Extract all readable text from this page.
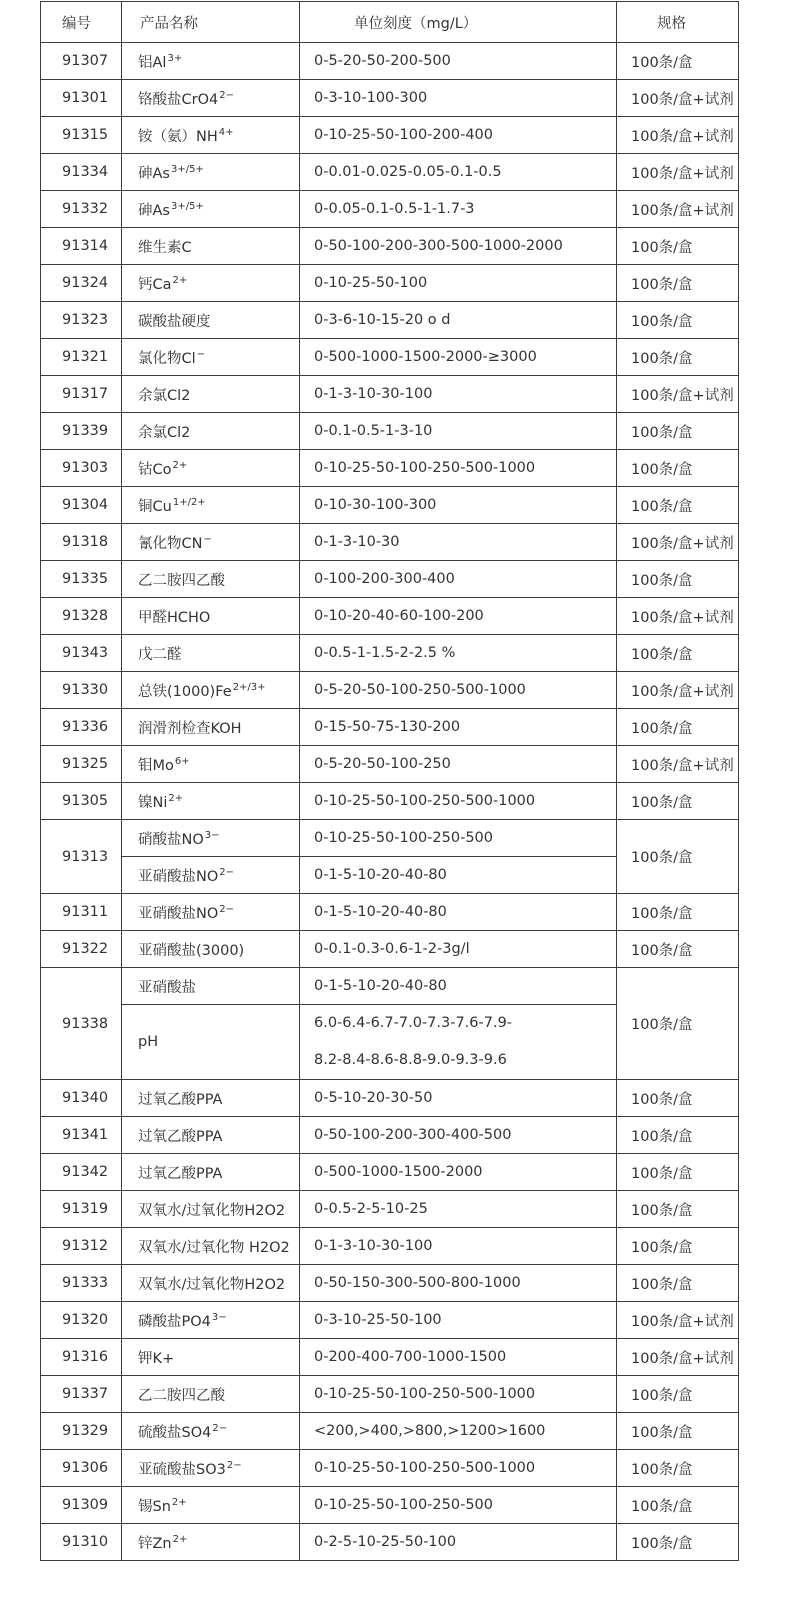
编号	产品名称	单位刻度（mg/L）	规格
91307	铝$Al^{3+}$	0-5-20-50-200-500	100条/盒
91301	铬酸盐$CrO4^{2-}$	0-3-10-100-300	100条/盒+试剂
91315	铵（氨）$NH^{4+}$	0-10-25-50-100-200-400	100条/盒+试剂
91334	砷$As^{3+/5+}$	0-0.01-0.025-0.05-0.1-0.5	100条/盒+试剂
91332	砷$As^{3+/5+}$	0-0.05-0.1-0.5-1-1.7-3	100条/盒+试剂
91314	维生素C	0-50-100-200-300-500-1000-2000	100条/盒
91324	钙$Ca^{2+}$	0-10-25-50-100	100条/盒
91323	碳酸盐硬度	0-3-6-10-15-20 o d	100条/盒
91321	氯化物Cl−	0-500-1000-1500-2000-≥3000	100条/盒
91317	余氯Cl2	0-1-3-10-30-100	100条/盒+试剂
91339	余氯Cl2	0-0.1-0.5-1-3-10	100条/盒
91303	钴$Co^{2+}$	0-10-25-50-100-250-500-1000	100条/盒
91304	铜$Cu^{1+/2+}$	0-10-30-100-300	100条/盒
91318	氰化物CN−	0-1-3-10-30	100条/盒+试剂
91335	乙二胺四乙酸	0-100-200-300-400	100条/盒
91328	甲醛HCHO	0-10-20-40-60-100-200	100条/盒+试剂
91343	戊二醛	0-0.5-1-1.5-2-2.5 %	100条/盒
91330	总铁$(1000)Fe^{2+/3+}$	0-5-20-50-100-250-500-1000	100条/盒+试剂
91336	润滑剂检查KOH	0-15-50-75-130-200	100条/盒
91325	钼$Mo^{6+}$	0-5-20-50-100-250	100条/盒+试剂
91305	镍$Ni^{2+}$	0-10-25-50-100-250-500-1000	100条/盒
91313	硝酸盐$NO^{3-}$	0-10-25-50-100-250-500	100条/盒
	亚硝酸盐$NO^{2-}$	0-1-5-10-20-40-80	
91311	亚硝酸盐$NO^{2-}$	0-1-5-10-20-40-80	100条/盒
91322	亚硝酸盐(3000)	0-0.1-0.3-0.6-1-2-3g/l	100条/盒
91338	亚硝酸盐	0-1-5-10-20-40-80	100条/盒
	pH	6.0-6.4-6.7-7.0-7.3-7.6-7.9-
8.2-8.4-8.6-8.8-9.0-9.3-9.6	

91340	过氧乙酸PPA	0-5-10-20-30-50	100条/盒
91341	过氧乙酸PPA	0-50-100-200-300-400-500	100条/盒
91342	过氧乙酸PPA	0-500-1000-1500-2000	100条/盒
91319	双氧水/过氧化物H2O2	0-0.5-2-5-10-25	100条/盒
91312	双氧水/过氧化物 H2O2	0-1-3-10-30-100	100条/盒
91333	双氧水/过氧化物H2O2	0-50-150-300-500-800-1000	100条/盒
91320	磷酸盐$PO4^{3-}$	0-3-10-25-50-100	100条/盒+试剂
91316	钾K+	0-200-400-700-1000-1500	100条/盒+试剂
91337	乙二胺四乙酸	0-10-25-50-100-250-500-1000	100条/盒
91329	硫酸盐$SO4^{2-}$	<200,>400,>800,>1200>1600	100条/盒
91306	亚硫酸盐$SO3^{2-}$	0-10-25-50-100-250-500-1000	100条/盒
91309	锡$Sn^{2+}$	0-10-25-50-100-250-500	100条/盒
91310	锌$Zn^{2+}$	0-2-5-10-25-50-100	100条/盒
